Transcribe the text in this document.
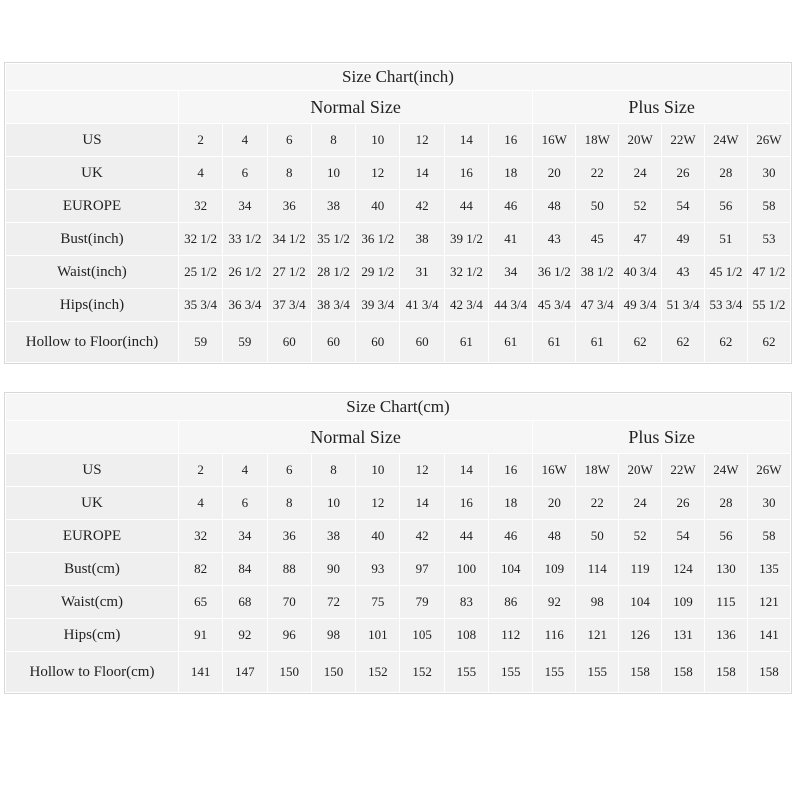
Size Chart(inch)														
	Normal Size								Plus Size					
US	2	4	6	8	10	12	14	16	16W	18W	20W	22W	24W	26W
UK	4	6	8	10	12	14	16	18	20	22	24	26	28	30
EUROPE	32	34	36	38	40	42	44	46	48	50	52	54	56	58
Bust(inch)	32 1/2	33 1/2	34 1/2	35 1/2	36 1/2	38	39 1/2	41	43	45	47	49	51	53
Waist(inch)	25 1/2	26 1/2	27 1/2	28 1/2	29 1/2	31	32 1/2	34	36 1/2	38 1/2	40 3/4	43	45 1/2	47 1/2
Hips(inch)	35 3/4	36 3/4	37 3/4	38 3/4	39 3/4	41 3/4	42 3/4	44 3/4	45 3/4	47 3/4	49 3/4	51 3/4	53 3/4	55 1/2
Hollow to Floor(inch)	59	59	60	60	60	60	61	61	61	61	62	62	62	62
Size Chart(cm)														
	Normal Size								Plus Size					
US	2	4	6	8	10	12	14	16	16W	18W	20W	22W	24W	26W
UK	4	6	8	10	12	14	16	18	20	22	24	26	28	30
EUROPE	32	34	36	38	40	42	44	46	48	50	52	54	56	58
Bust(cm)	82	84	88	90	93	97	100	104	109	114	119	124	130	135
Waist(cm)	65	68	70	72	75	79	83	86	92	98	104	109	115	121
Hips(cm)	91	92	96	98	101	105	108	112	116	121	126	131	136	141
Hollow to Floor(cm)	141	147	150	150	152	152	155	155	155	155	158	158	158	158
